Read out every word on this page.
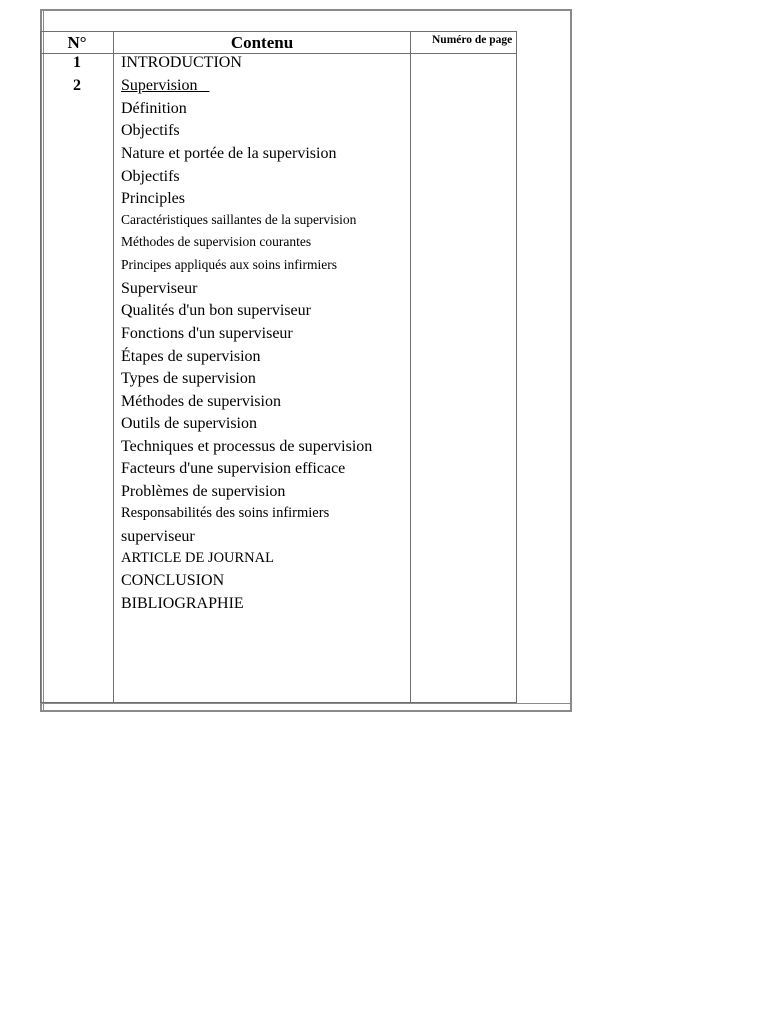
N°	Contenu	Numéro de page
1
2
INTRODUCTION
Supervision
Définition
Objectifs
Nature et portée de la supervision
Objectifs
Principles
Caractéristiques saillantes de la supervision
Méthodes de supervision courantes
Principes appliqués aux soins infirmiers
Superviseur
Qualités d'un bon superviseur
Fonctions d'un superviseur
Étapes de supervision
Types de supervision
Méthodes de supervision
Outils de supervision
Techniques et processus de supervision
Facteurs d'une supervision efficace
Problèmes de supervision
Responsabilités des soins infirmiers
superviseur
ARTICLE DE JOURNAL
CONCLUSION
BIBLIOGRAPHIE
